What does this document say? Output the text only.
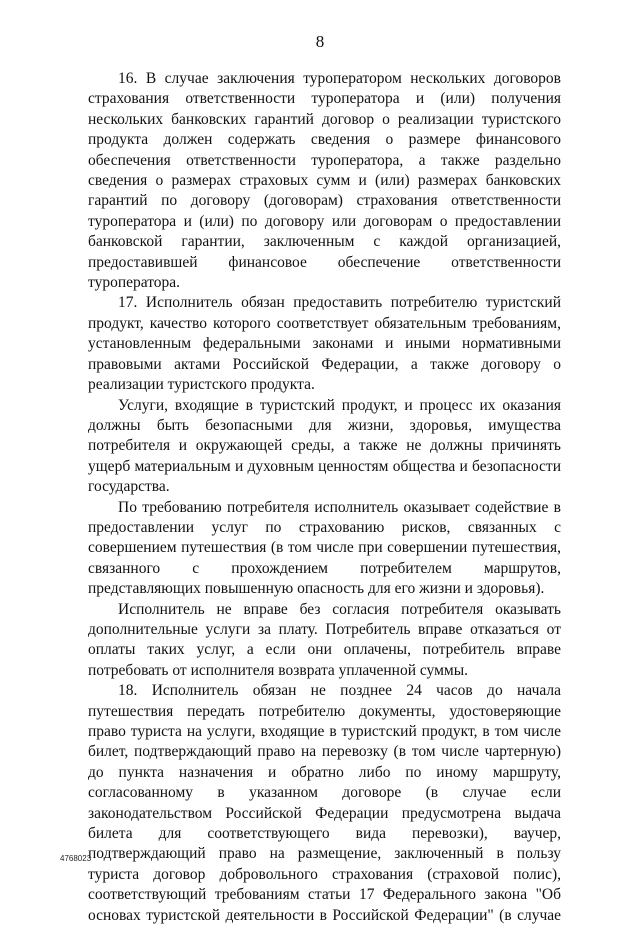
8

16. В случае заключения туроператором нескольких договоров страхования ответственности туроператора и (или) получения нескольких банковских гарантий договор о реализации туристского продукта должен содержать сведения о размере финансового обеспечения ответственности туроператора, а также раздельно сведения о размерах страховых сумм и (или) размерах банковских гарантий по договору (договорам) страхования ответственности туроператора и (или) по договору или договорам о предоставлении банковской гарантии, заключенным с каждой организацией, предоставившей финансовое обеспечение ответственности туроператора.

17. Исполнитель обязан предоставить потребителю туристский продукт, качество которого соответствует обязательным требованиям, установленным федеральными законами и иными нормативными правовыми актами Российской Федерации, а также договору о реализации туристского продукта.

Услуги, входящие в туристский продукт, и процесс их оказания должны быть безопасными для жизни, здоровья, имущества потребителя и окружающей среды, а также не должны причинять ущерб материальным и духовным ценностям общества и безопасности государства.

По требованию потребителя исполнитель оказывает содействие в предоставлении услуг по страхованию рисков, связанных с совершением путешествия (в том числе при совершении путешествия, связанного с прохождением потребителем маршрутов, представляющих повышенную опасность для его жизни и здоровья).

Исполнитель не вправе без согласия потребителя оказывать дополнительные услуги за плату. Потребитель вправе отказаться от оплаты таких услуг, а если они оплачены, потребитель вправе потребовать от исполнителя возврата уплаченной суммы.

18. Исполнитель обязан не позднее 24 часов до начала путешествия передать потребителю документы, удостоверяющие право туриста на услуги, входящие в туристский продукт, в том числе билет, подтверждающий право на перевозку (в том числе чартерную) до пункта назначения и обратно либо по иному маршруту, согласованному в указанном договоре (в случае если законодательством Российской Федерации предусмотрена выдача билета для соответствующего вида перевозки), ваучер, подтверждающий право на размещение, заключенный в пользу туриста договор добровольного страхования (страховой полис), соответствующий требованиям статьи 17 Федерального закона "Об основах туристской деятельности в Российской Федерации" (в случае

4768023
